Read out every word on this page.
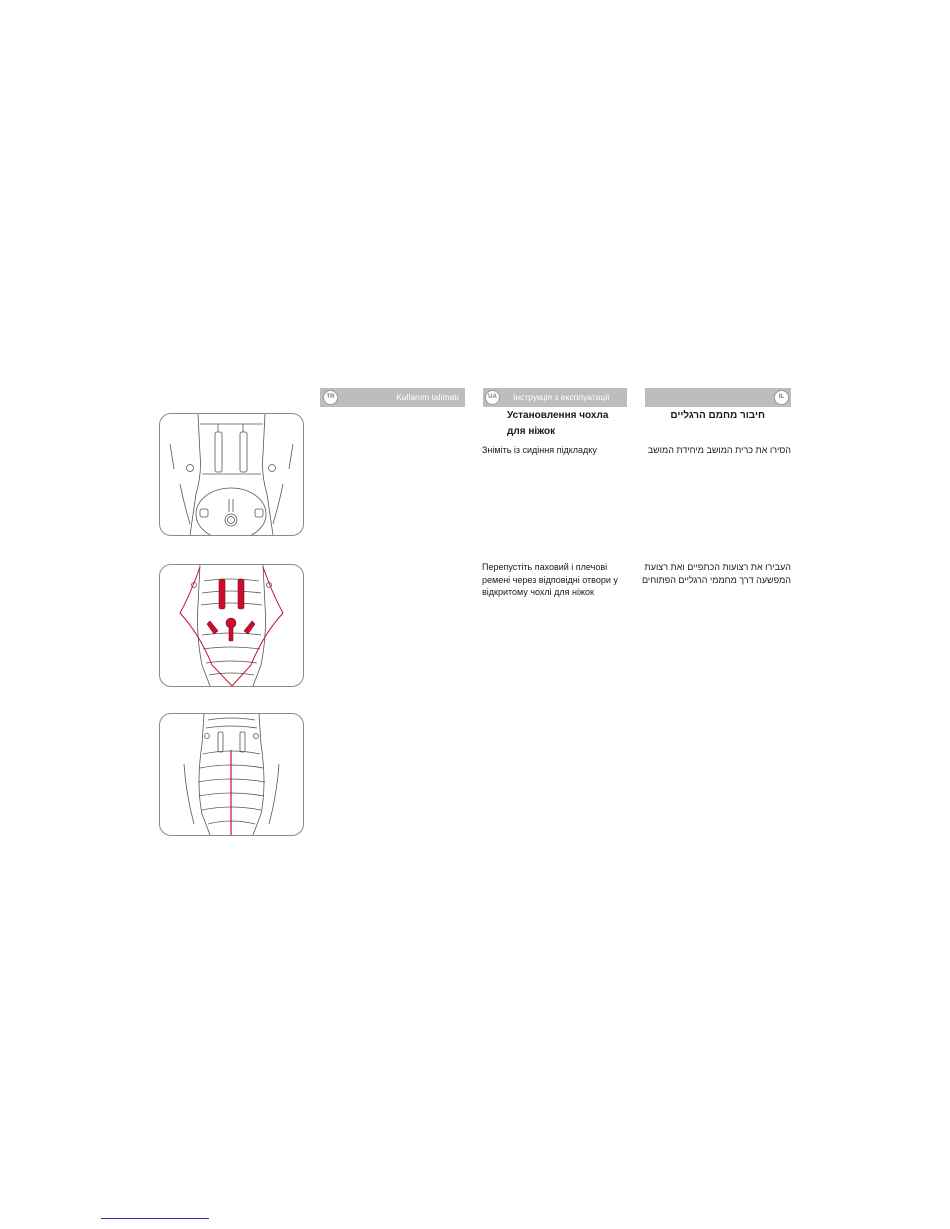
TR	Kullanım talimatı	UA	Інструкція з експлуатації	IL
Установлення чохла
для ніжок
Зніміть із сидіння підкладку
Перепустіть паховий і плечові
ремені через відповідні отвори у
відкритому чохлі для ніжок
חיבור מחמם הרגליים
הסירו את כרית המושב מיחידת המושב
העבירו את רצועות הכתפיים ואת רצועת
המפשעה דרך מחממי הרגליים הפתוחים
